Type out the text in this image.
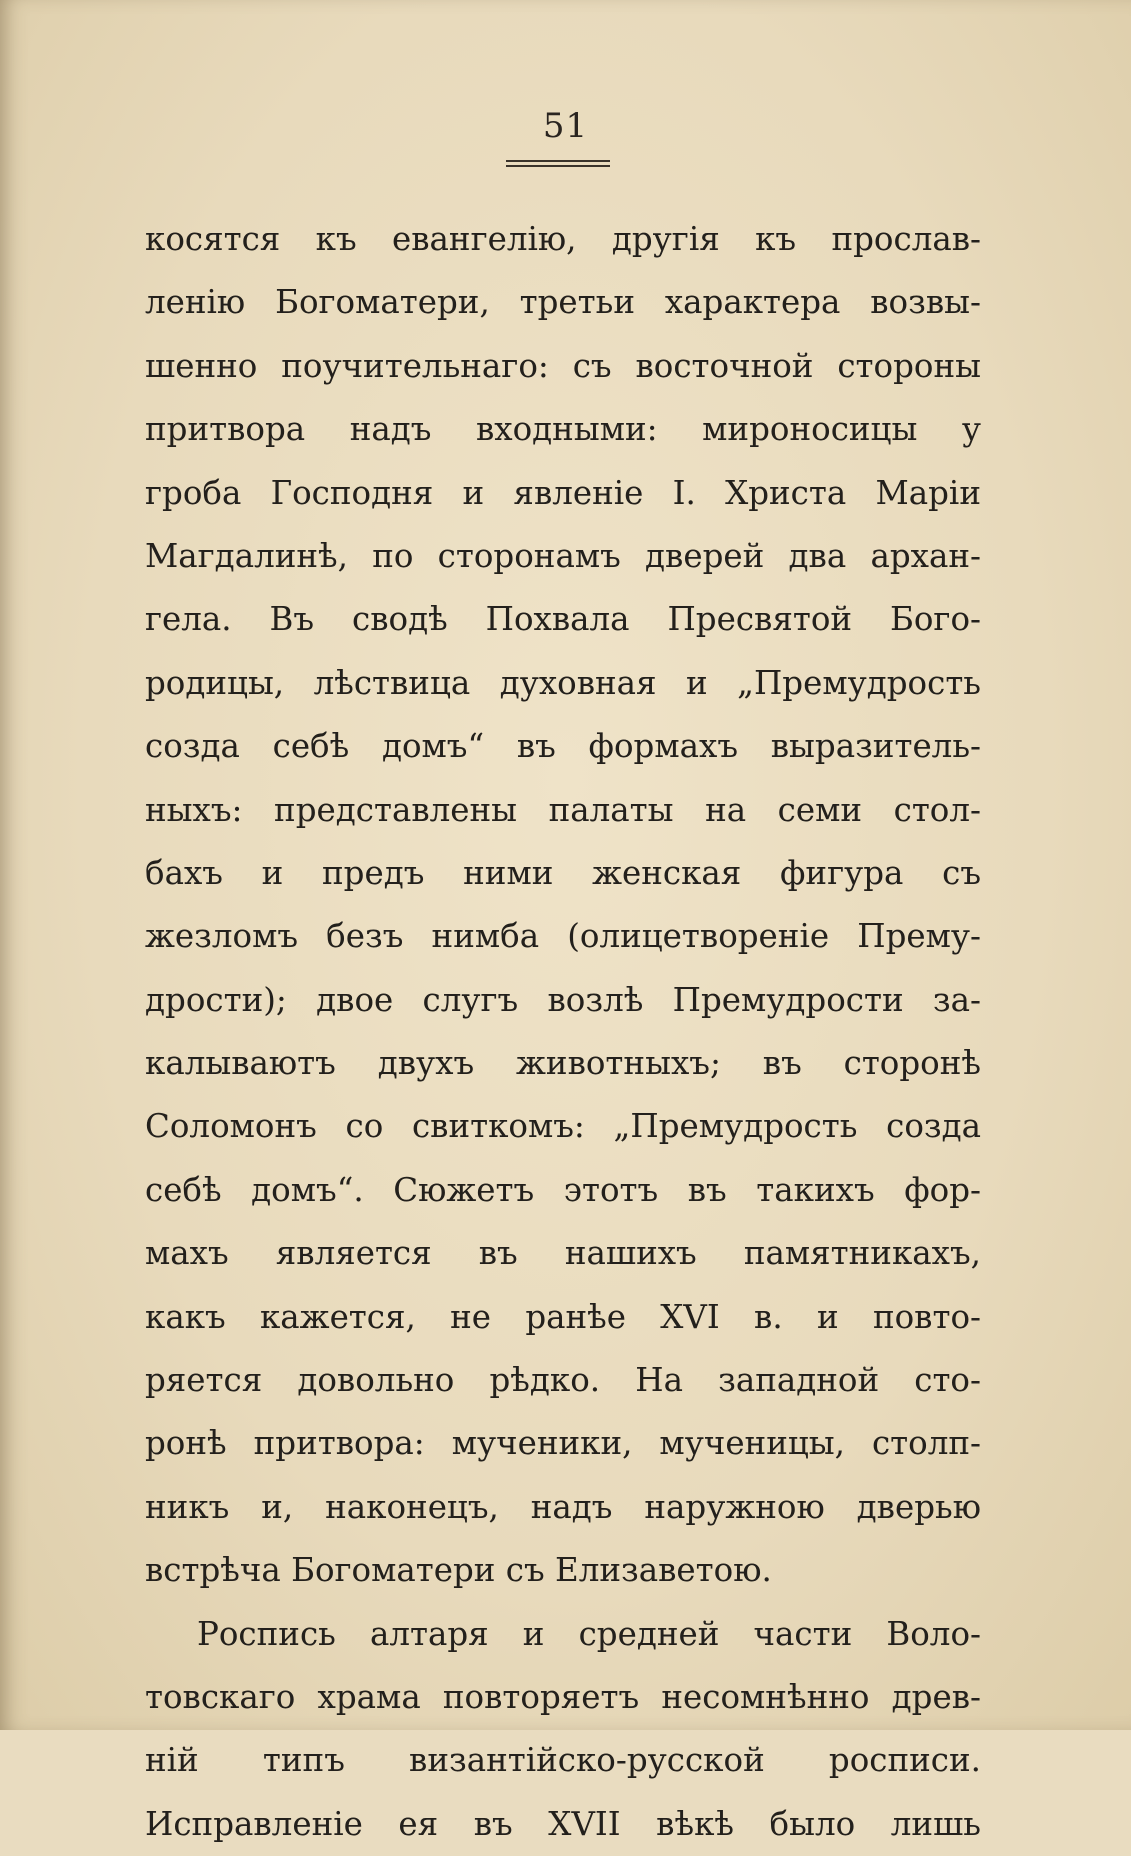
51
косятся къ евангелію, другія къ прослав-
ленію Богоматери, третьи характера возвы-
шенно поучительнаго: съ восточной стороны
притвора надъ входными: мироносицы у
гроба Господня и явленіе І. Христа Маріи
Магдалинѣ, по сторонамъ дверей два архан-
гела. Въ сводѣ Похвала Пресвятой Бого-
родицы, лѣствица духовная и „Премудрость
созда себѣ домъ“ въ формахъ выразитель-
ныхъ: представлены палаты на семи стол-
бахъ и предъ ними женская фигура съ
жезломъ безъ нимба (олицетвореніе Прему-
дрости); двое слугъ возлѣ Премудрости за-
калываютъ двухъ животныхъ; въ сторонѣ
Соломонъ со свиткомъ: „Премудрость созда
себѣ домъ“. Сюжетъ этотъ въ такихъ фор-
махъ является въ нашихъ памятникахъ,
какъ кажется, не ранѣе XVI в. и повто-
ряется довольно рѣдко. На западной сто-
ронѣ притвора: мученики, мученицы, столп-
никъ и, наконецъ, надъ наружною дверью
встрѣча Богоматери съ Елизаветою.
Роспись алтаря и средней части Воло-
товскаго храма повторяетъ несомнѣнно древ-
ній типъ византійско-русской росписи.
Исправленіе ея въ XVII вѣкѣ было лишь
